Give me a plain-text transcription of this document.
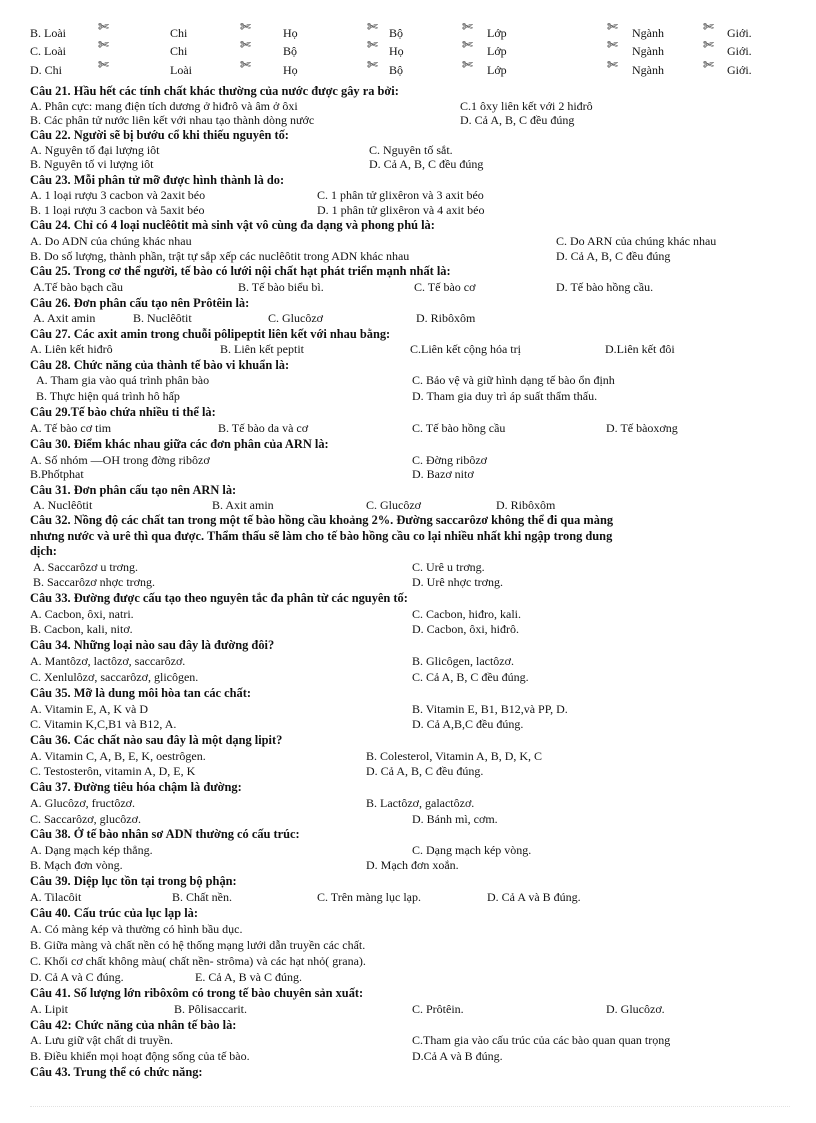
B. Loài	Chi	Họ	Bộ	Lớp	Ngành	Giới.
C. Loài	Chi	Bộ	Họ	Lớp	Ngành	Giới.
D. Chi	Loài	Họ	Bộ	Lớp	Ngành	Giới.
✄	✄	✄	✄	✄	✄
✄	✄	✄	✄	✄	✄
✄	✄	✄	✄	✄	✄
Câu 21. Hầu hết các tính chất khác thường của nước được gây ra bởi:
A. Phân cực: mang điện tích dương ở hiđrô và âm ở ôxi	C.1 ôxy liên kết với 2 hiđrô
B. Các phân tử nước liên kết với nhau tạo thành dòng nước	D. Cả A, B, C đều đúng
Câu 22. Người sẽ bị bướu cổ khi thiếu nguyên tố:
A. Nguyên tố đại lượng iôt	C. Nguyên tố sắt.
B. Nguyên tố vi lượng iôt	D. Cả A, B, C đều đúng
Câu 23. Mỗi phân tử mỡ được hình thành là do:
A. 1 loại rượu 3 cacbon và 2axit béo	C. 1 phân tử glixêron và 3 axit béo
B. 1 loại rượu 3 cacbon và 5axit béo	D. 1 phân tử glixêron và 4 axit béo
Câu 24. Chỉ có 4 loại nuclêôtit mà sinh vật vô cùng đa dạng và phong phú là:
A. Do ADN của chúng khác nhau	C. Do ARN của chúng khác nhau
B. Do số lượng, thành phần, trật tự sắp xếp các nuclêôtit trong ADN khác nhau	D. Cả A, B, C đều đúng
Câu 25. Trong cơ thể người, tế bào có lưới nội chất hạt phát triển mạnh nhất là:
A.Tế bào bạch cầu	B. Tế bào biểu bì.	C. Tế bào cơ	D. Tế bào hồng cầu.
Câu 26. Đơn phân cấu tạo nên Prôtêin là:
A. Axit amin	B. Nuclêôtit	C. Glucôzơ	D. Ribôxôm
Câu 27. Các axit amin trong chuỗi pôlipeptit liên kết với nhau bằng:
A. Liên kết hiđrô	B. Liên kết peptit	C.Liên kết cộng hóa trị	D.Liên kết đôi
Câu 28. Chức năng của thành tế bào vi khuẩn là:
A. Tham gia vào quá trình phân bào	C. Bảo vệ và giữ hình dạng tế bào ổn định
B. Thực hiện quá trình hô hấp	D. Tham gia duy trì áp suất thẩm thấu.
Câu 29.Tế bào chứa nhiều ti thể là:
A. Tế bào cơ tim	B. Tế bào da và cơ	C. Tế bào hồng cầu	D. Tế bàoxơng
Câu 30. Điểm khác nhau giữa các đơn phân của ARN là:
A. Số nhóm —OH trong đờng ribôzơ	C. Đờng ribôzơ
B.Phốtphat	D. Bazơ nitơ
Câu 31. Đơn phân cấu tạo nên ARN là:
A. Nuclêôtit	B. Axit amin	C. Glucôzơ	D. Ribôxôm
Câu 32. Nồng độ các chất tan trong một tế bào hồng cầu khoảng 2%. Đường saccarôzơ không thể đi qua màng
nhưng nước và urê thì qua được. Thẩm thấu sẽ làm cho tế bào hồng cầu co lại nhiều nhất khi ngập trong dung
dịch:
A. Saccarôzơ u trơng.	C. Urê u trơng.
B. Saccarôzơ nhợc trơng.	D. Urê nhợc trơng.
Câu 33. Đường được cấu tạo theo nguyên tắc đa phân từ các nguyên tố:
A. Cacbon, ôxi, natri.	C. Cacbon, hiđro, kali.
B. Cacbon, kali, nitơ.	D. Cacbon, ôxi, hiđrô.
Câu 34. Những loại nào sau đây là đường đôi?
A. Mantôzơ, lactôzơ, saccarôzơ.	B. Glicôgen, lactôzơ.
C. Xenlulôzơ, saccarôzơ, glicôgen.	C. Cả A, B, C đều đúng.
Câu 35. Mỡ là dung môi hòa tan các chất:
A. Vitamin E, A, K và D	B. Vitamin E, B1, B12,và PP, D.
C. Vitamin K,C,B1 và B12, A.	D. Cả A,B,C đều đúng.
Câu 36. Các chất nào sau đây là một dạng lipit?
A. Vitamin C, A, B, E, K, oestrôgen.	B. Colesterol, Vitamin A, B, D, K, C
C. Testosterôn, vitamin A, D, E, K	D. Cả A, B, C đều đúng.
Câu 37. Đường tiêu hóa chậm là đường:
A. Glucôzơ, fructôzơ.	B. Lactôzơ, galactôzơ.
C. Saccarôzơ, glucôzơ.	D. Bánh mì, cơm.
Câu 38. Ở tế bào nhân sơ ADN thường có cấu trúc:
A. Dạng mạch kép thẳng.	C. Dạng mạch kép vòng.
B. Mạch đơn vòng.	D. Mạch đơn xoắn.
Câu 39. Diệp lục tồn tại trong bộ phận:
A. Tilacôit	B. Chất nền.	C. Trên màng lục lạp.	D. Cả A và B đúng.
Câu 40. Cấu trúc của lục lạp là:
A. Có màng kép và thường có hình bầu dục.
B. Giữa màng và chất nền có hệ thống mạng lưới dẫn truyền các chất.
C. Khối cơ chất không màu( chất nền- strôma) và các hạt nhỏ( grana).
D. Cả A và C đúng.	E. Cả A, B và C đúng.
Câu 41. Số lượng lớn ribôxôm có trong tế bào chuyên sản xuất:
A. Lipit	B. Pôlisaccarit.	C. Prôtêin.	D. Glucôzơ.
Câu 42: Chức năng của nhân tế bào là:
A. Lưu giữ vật chất di truyền.	C.Tham gia vào cấu trúc của các bào quan quan trọng
B. Điều khiển mọi hoạt động sống của tế bào.	D.Cả A và B đúng.
Câu 43. Trung thể có chức năng:
